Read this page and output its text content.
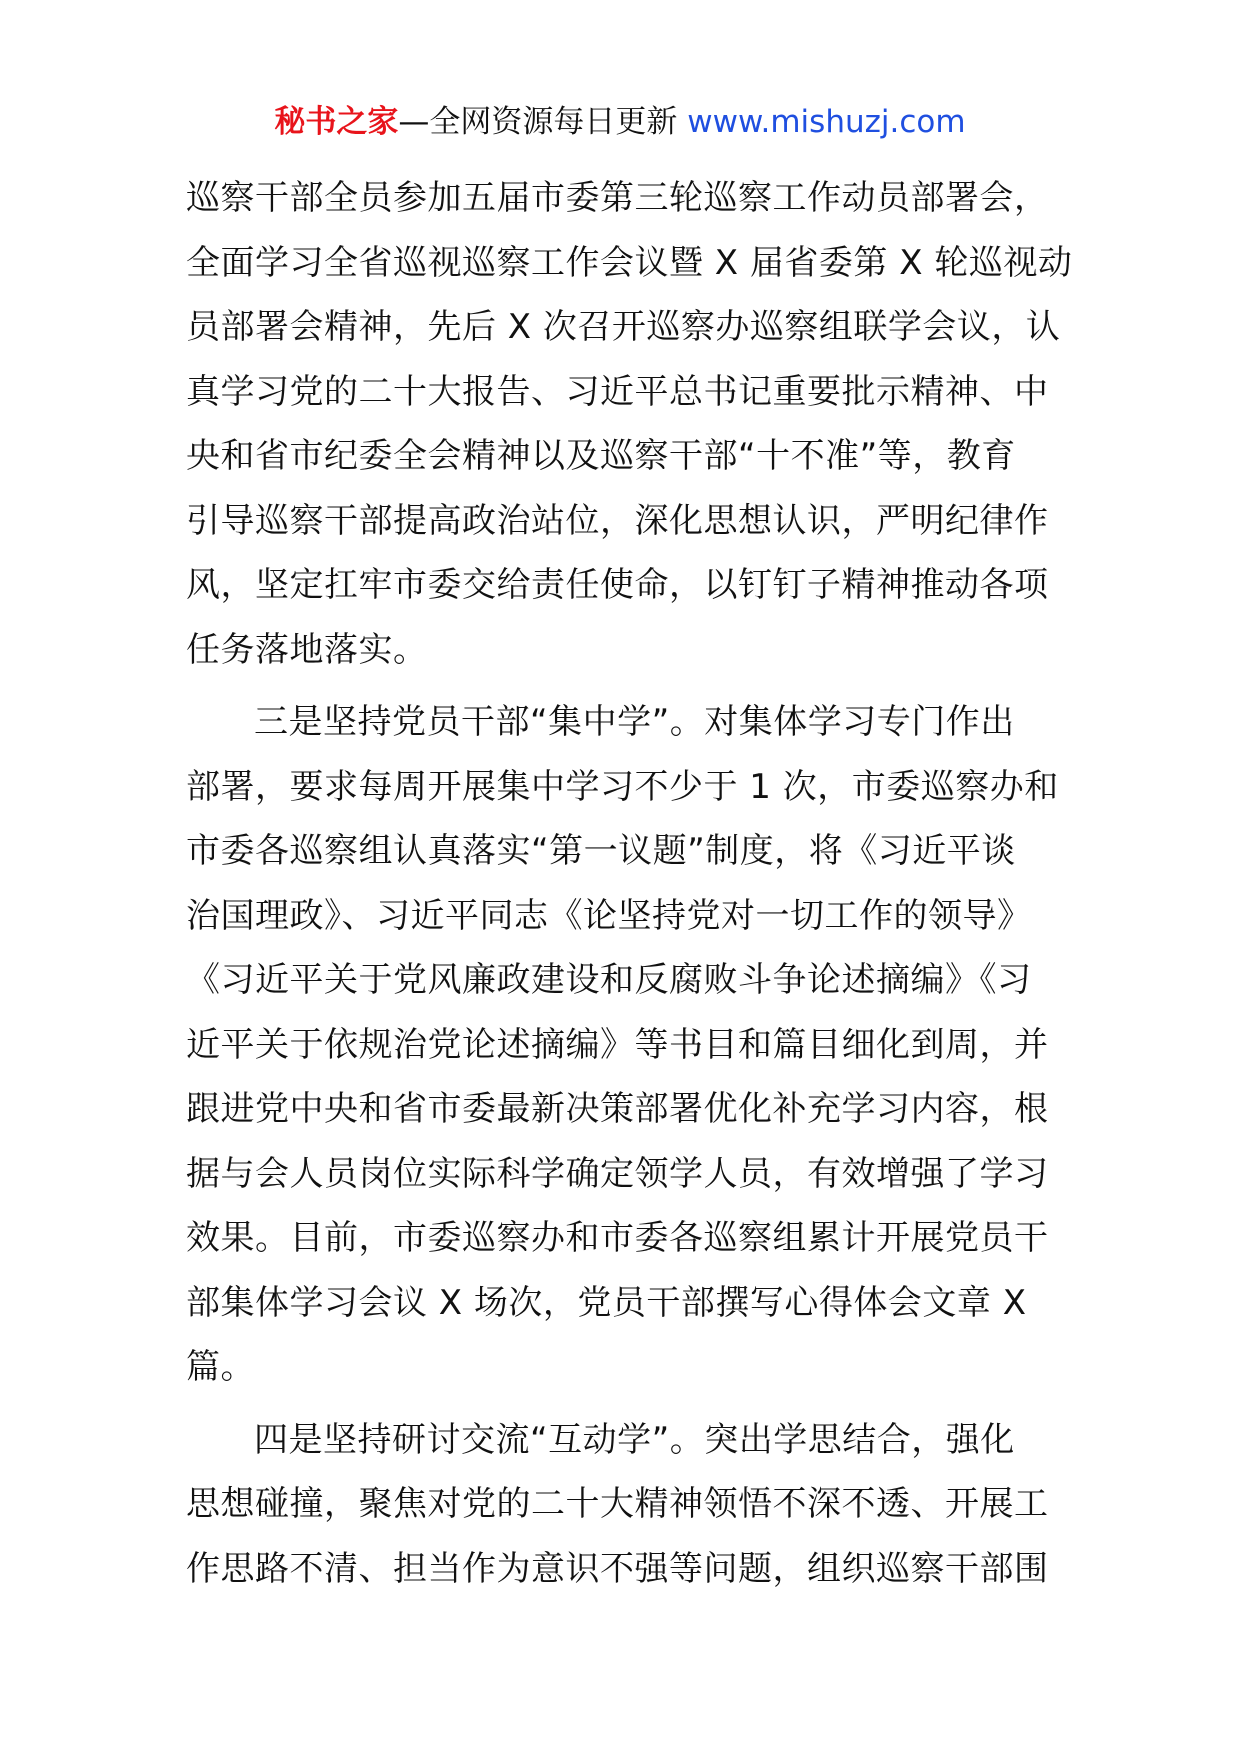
秘书之家—全网资源每日更新 www.mishuzj.com
巡察干部全员参加五届市委第三轮巡察工作动员部署会，
全面学习全省巡视巡察工作会议暨 X 届省委第 X 轮巡视动
员部署会精神，先后 X 次召开巡察办巡察组联学会议，认
真学习党的二十大报告、习近平总书记重要批示精神、中
央和省市纪委全会精神以及巡察干部“十不准”等，教育
引导巡察干部提高政治站位，深化思想认识，严明纪律作
风，坚定扛牢市委交给责任使命，以钉钉子精神推动各项
任务落地落实。
三是坚持党员干部“集中学”。对集体学习专门作出
部署，要求每周开展集中学习不少于 1 次，市委巡察办和
市委各巡察组认真落实“第一议题”制度，将《习近平谈
治国理政》、习近平同志《论坚持党对一切工作的领导》
《习近平关于党风廉政建设和反腐败斗争论述摘编》《习
近平关于依规治党论述摘编》等书目和篇目细化到周，并
跟进党中央和省市委最新决策部署优化补充学习内容，根
据与会人员岗位实际科学确定领学人员，有效增强了学习
效果。目前，市委巡察办和市委各巡察组累计开展党员干
部集体学习会议 X 场次，党员干部撰写心得体会文章 X
篇。
四是坚持研讨交流“互动学”。突出学思结合，强化
思想碰撞，聚焦对党的二十大精神领悟不深不透、开展工
作思路不清、担当作为意识不强等问题，组织巡察干部围
